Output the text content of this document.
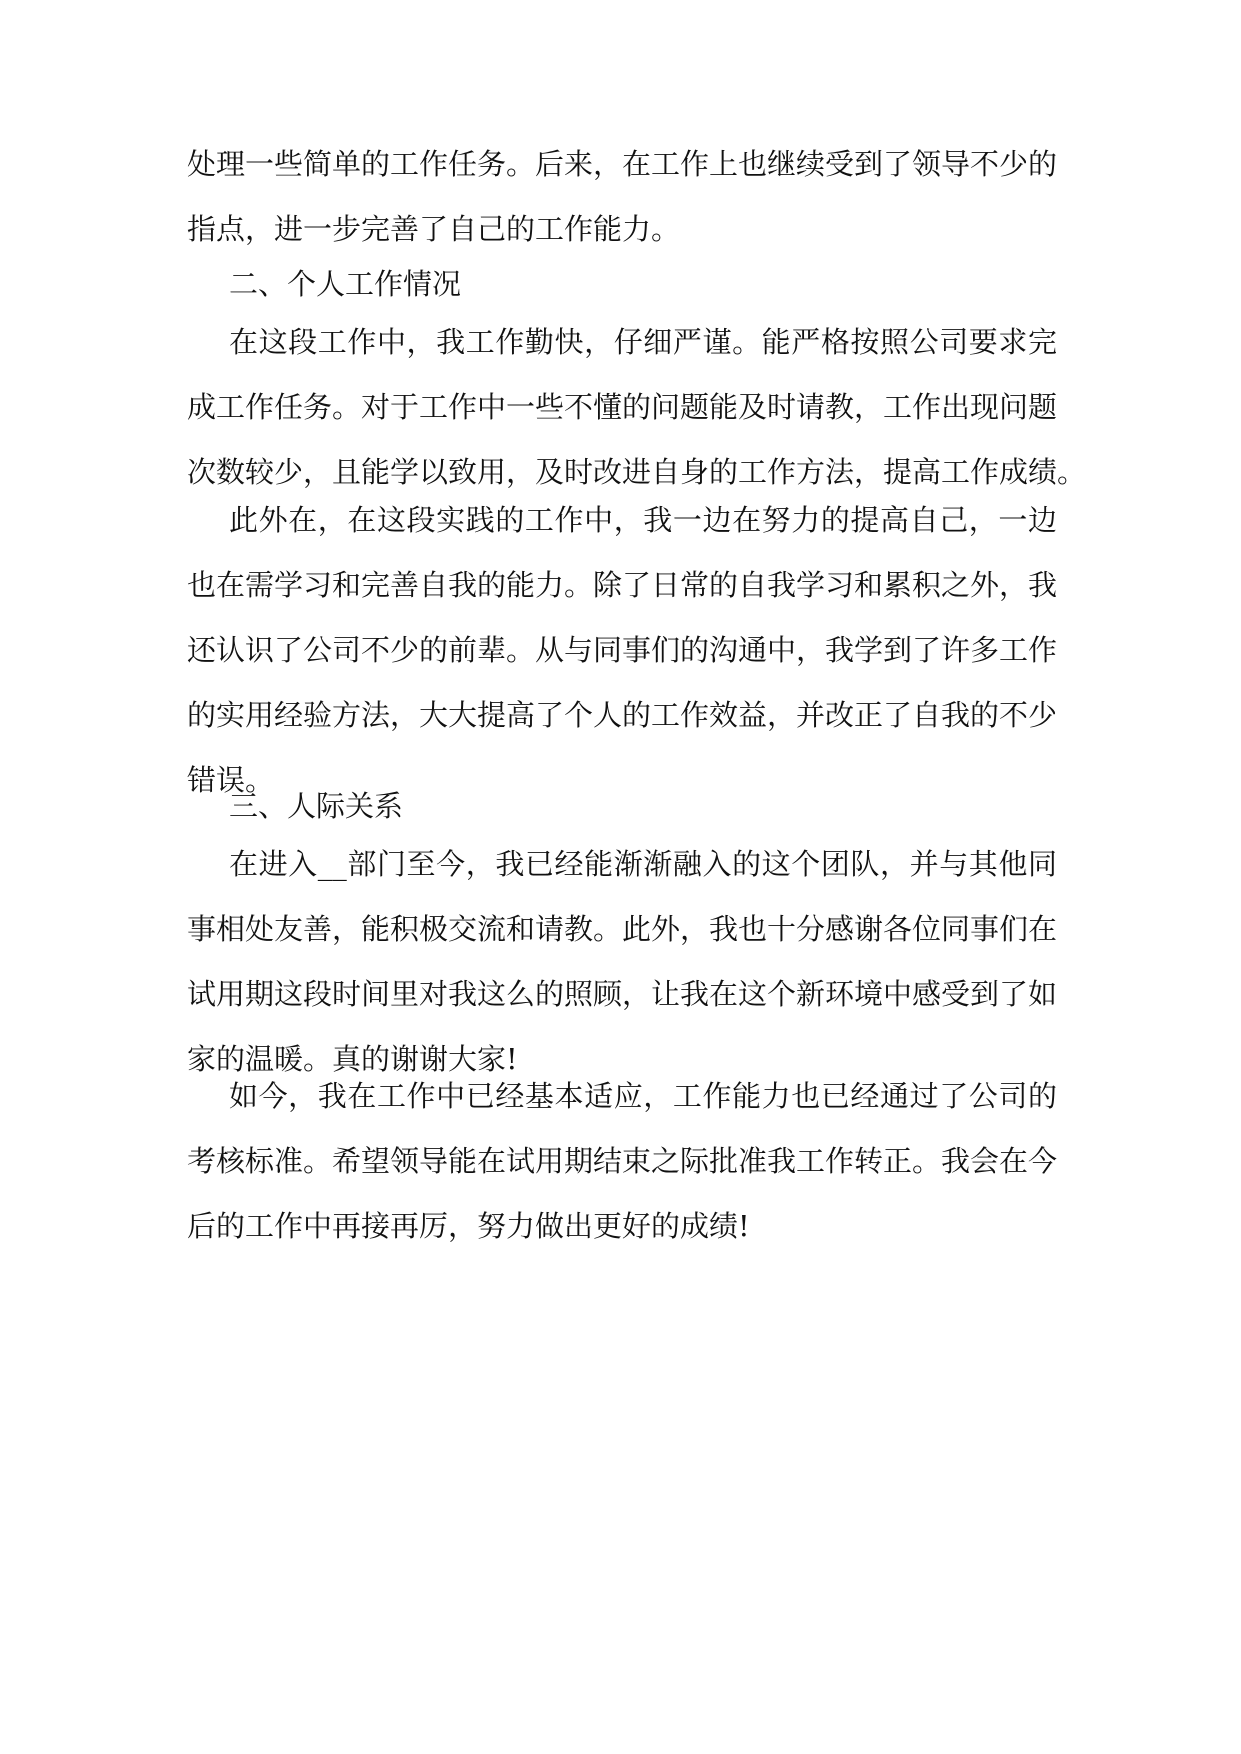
处理一些简单的工作任务。后来，在工作上也继续受到了领导不少的
指点，进一步完善了自己的工作能力。
二、个人工作情况
在这段工作中，我工作勤快，仔细严谨。能严格按照公司要求完
成工作任务。对于工作中一些不懂的问题能及时请教，工作出现问题
次数较少，且能学以致用，及时改进自身的工作方法，提高工作成绩。
此外在，在这段实践的工作中，我一边在努力的提高自己，一边
也在需学习和完善自我的能力。除了日常的自我学习和累积之外，我
还认识了公司不少的前辈。从与同事们的沟通中，我学到了许多工作
的实用经验方法，大大提高了个人的工作效益，并改正了自我的不少
错误。
三、人际关系
在进入__部门至今，我已经能渐渐融入的这个团队，并与其他同
事相处友善，能积极交流和请教。此外，我也十分感谢各位同事们在
试用期这段时间里对我这么的照顾，让我在这个新环境中感受到了如
家的温暖。真的谢谢大家!
如今，我在工作中已经基本适应，工作能力也已经通过了公司的
考核标准。希望领导能在试用期结束之际批准我工作转正。我会在今
后的工作中再接再厉，努力做出更好的成绩!
